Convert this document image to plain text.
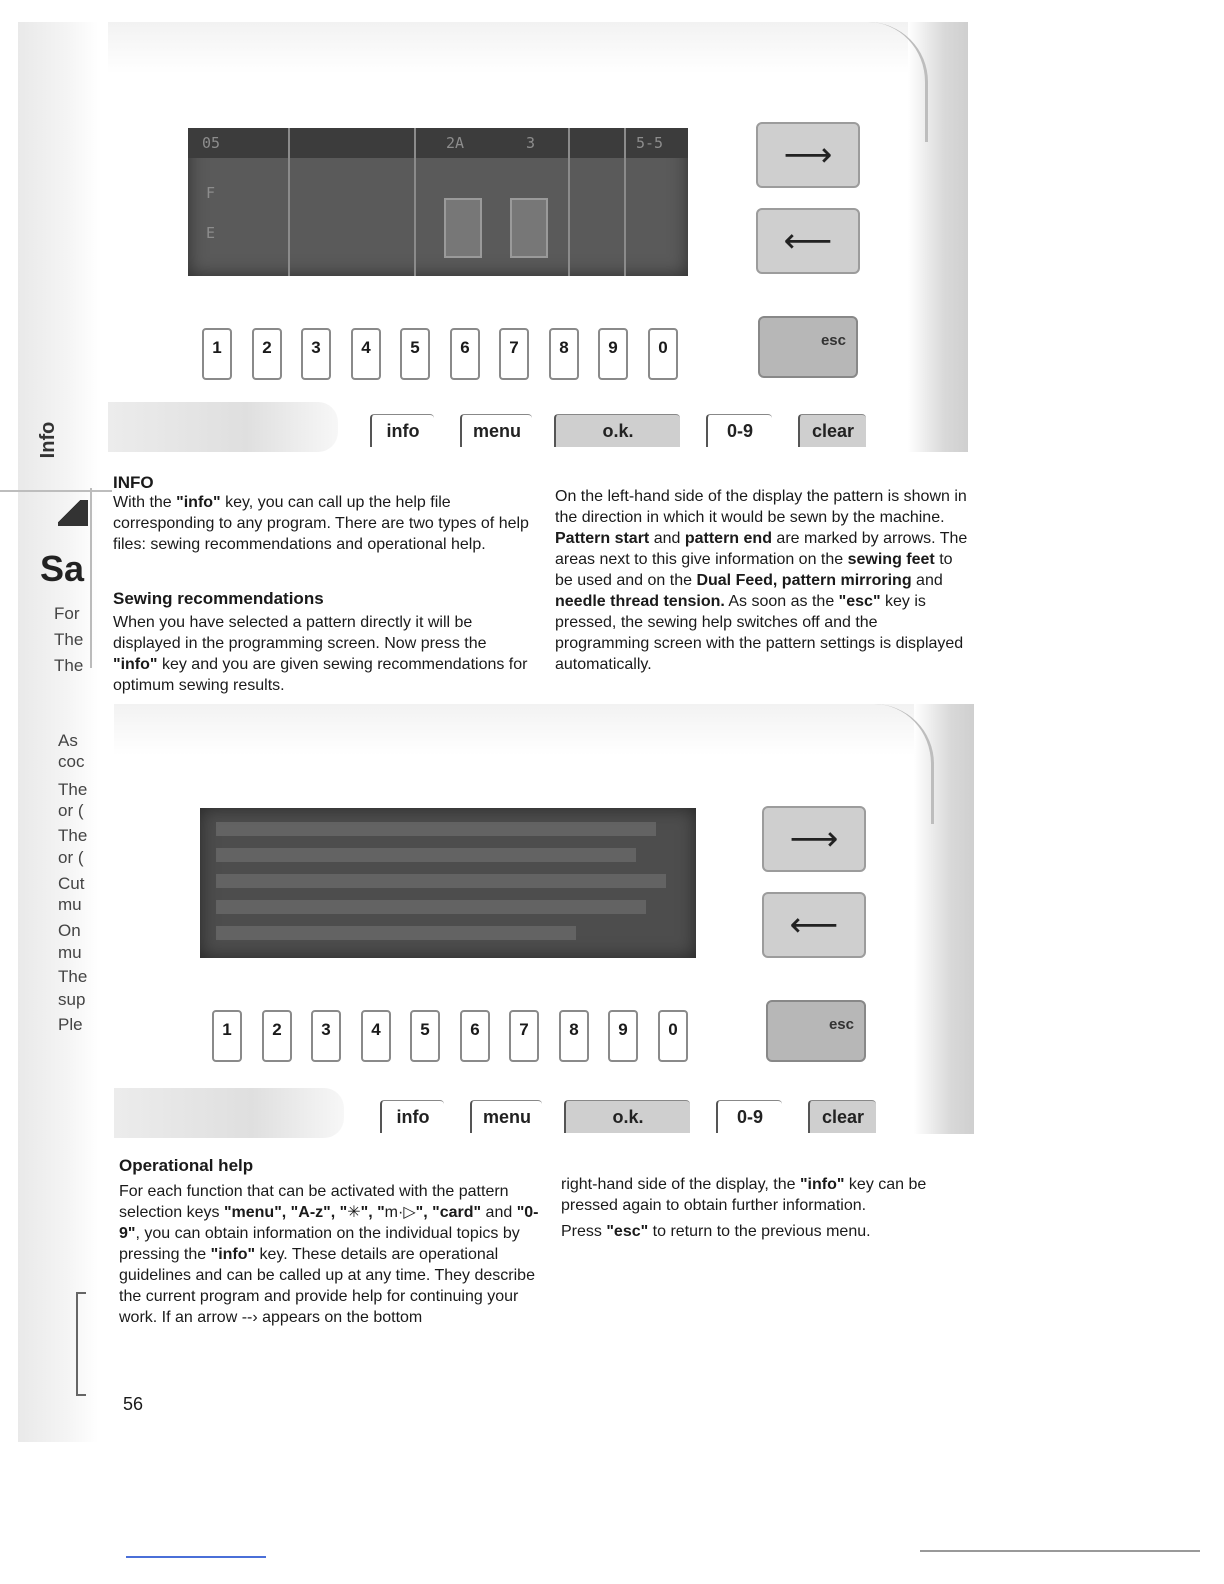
Info
Sa
For
The
The
As
coc
The
or (
The
or (
Cut
mu
On
mu
The
sup
Ple
05	2A	3	5-5
F
E
⟶
⟵
esc
1	2	3	4	5	6	7	8	9	0
info	menu	o.k.	0-9	clear
INFO
With the "info" key, you can call up the help file corresponding to any program. There are two types of help files: sewing recommendations and operational help.
Sewing recommendations
When you have selected a pattern directly it will be displayed in the programming screen. Now press the "info" key and you are given sewing recommendations for optimum sewing results.
On the left-hand side of the display the pattern is shown in the direction in which it would be sewn by the machine. Pattern start and pattern end are marked by arrows. The areas next to this give information on the sewing feet to be used and on the Dual Feed, pattern mirroring and needle thread tension. As soon as the "esc" key is pressed, the sewing help switches off and the programming screen with the pattern settings is displayed automatically.
⟶
⟵
esc
1	2	3	4	5	6	7	8	9	0
info	menu	o.k.	0-9	clear
Operational help
For each function that can be activated with the pattern selection keys "menu", "A-z", "✳", "m·▷", "card" and "0-9", you can obtain information on the individual topics by pressing the "info" key. These details are operational guidelines and can be called up at any time. They describe the current program and provide help for continuing your work. If an arrow --› appears on the bottom
right-hand side of the display, the "info" key can be pressed again to obtain further information.
Press "esc" to return to the previous menu.
56
